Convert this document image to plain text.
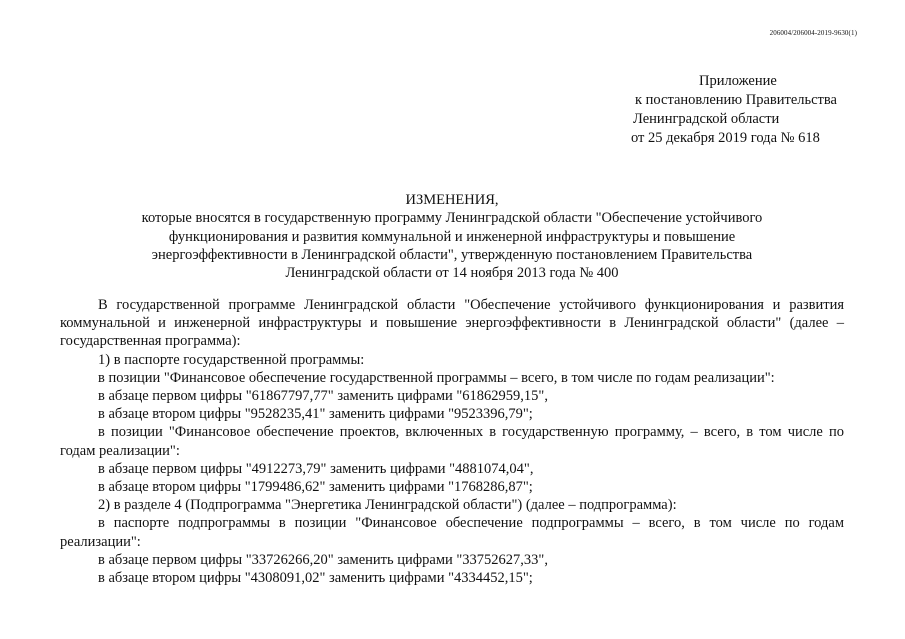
206004/206004-2019-9630(1)
Приложение
к постановлению Правительства
Ленинградской области
от 25 декабря 2019 года № 618
ИЗМЕНЕНИЯ,
которые вносятся в государственную программу Ленинградской области "Обеспечение устойчивого
функционирования и развития коммунальной и инженерной инфраструктуры и повышение
энергоэффективности в Ленинградской области", утвержденную постановлением Правительства
Ленинградской области от 14 ноября 2013 года № 400

В государственной программе Ленинградской области "Обеспечение устойчивого функционирования и развития коммунальной и инженерной инфраструктуры и повышение энергоэффективности в Ленинградской области" (далее – государственная программа):

1) в паспорте государственной программы:

в позиции "Финансовое обеспечение государственной программы – всего, в том числе по годам реализации":

в абзаце первом цифры "61867797,77" заменить цифрами "61862959,15",

в абзаце втором цифры "9528235,41" заменить цифрами "9523396,79";

в позиции "Финансовое обеспечение проектов, включенных в государственную программу, – всего, в том числе по годам реализации":

в абзаце первом цифры "4912273,79" заменить цифрами "4881074,04",

в абзаце втором цифры "1799486,62" заменить цифрами "1768286,87";

2) в разделе 4 (Подпрограмма "Энергетика Ленинградской области") (далее – подпрограмма):

в паспорте подпрограммы в позиции "Финансовое обеспечение подпрограммы – всего, в том числе по годам реализации":

в абзаце первом цифры "33726266,20" заменить цифрами "33752627,33",

в абзаце втором цифры "4308091,02" заменить цифрами "4334452,15";
